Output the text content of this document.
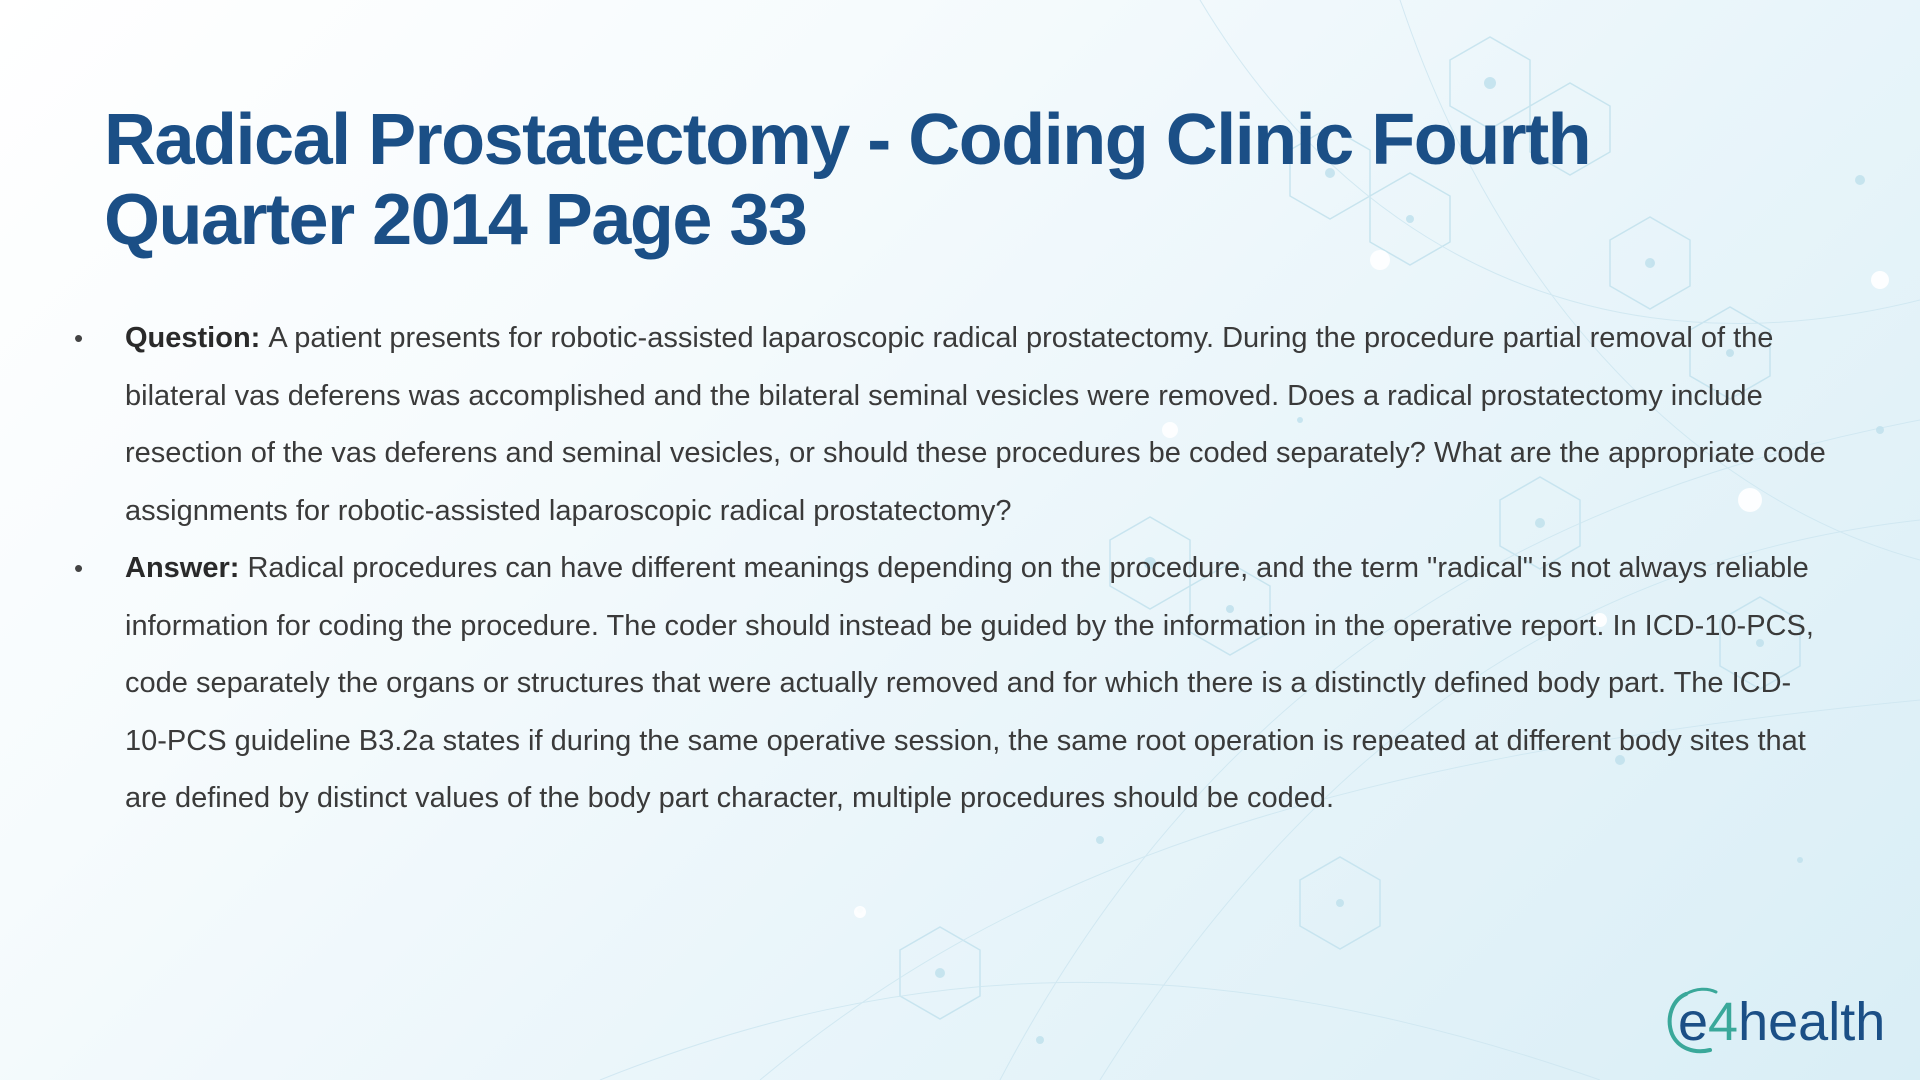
Radical Prostatectomy - Coding Clinic Fourth
Quarter 2014 Page 33
• Question: A patient presents for robotic-assisted laparoscopic radical prostatectomy. During the procedure partial removal of the bilateral vas deferens was accomplished and the bilateral seminal vesicles were removed. Does a radical prostatectomy include resection of the vas deferens and seminal vesicles, or should these procedures be coded separately? What are the appropriate code assignments for robotic-assisted laparoscopic radical prostatectomy?
• Answer: Radical procedures can have different meanings depending on the procedure, and the term "radical" is not always reliable information for coding the procedure. The coder should instead be guided by the information in the operative report. In ICD-10-PCS, code separately the organs or structures that were actually removed and for which there is a distinctly defined body part. The ICD-10-PCS guideline B3.2a states if during the same operative session, the same root operation is repeated at different body sites that are defined by distinct values of the body part character, multiple procedures should be coded.
e4health
